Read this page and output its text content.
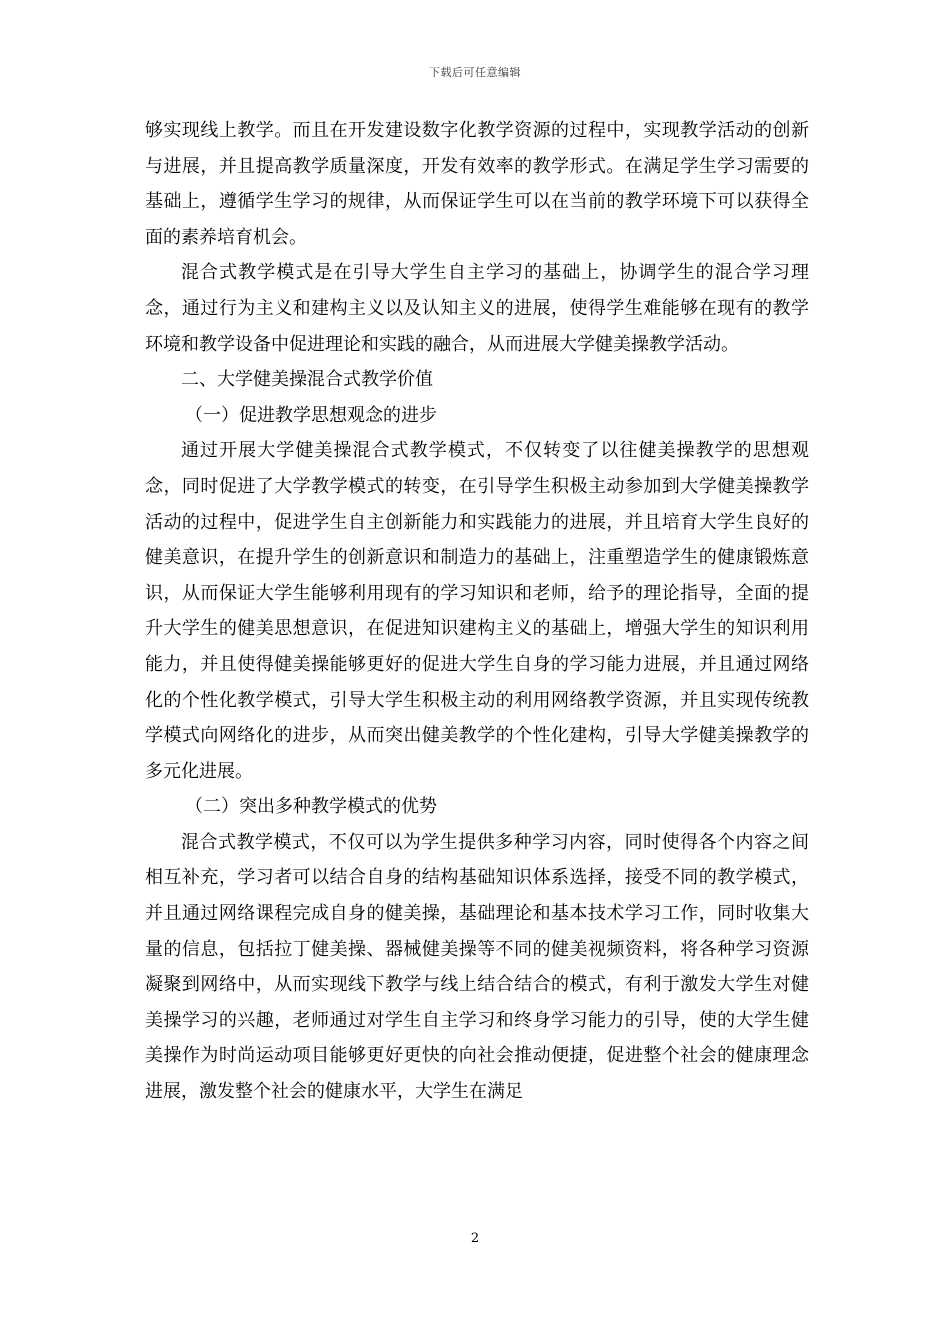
下载后可任意编辑

够实现线上教学。而且在开发建设数字化教学资源的过程中，实现教学活动的创新与进展，并且提高教学质量深度，开发有效率的教学形式。在满足学生学习需要的基础上，遵循学生学习的规律，从而保证学生可以在当前的教学环境下可以获得全面的素养培育机会。

混合式教学模式是在引导大学生自主学习的基础上，协调学生的混合学习理念，通过行为主义和建构主义以及认知主义的进展，使得学生难能够在现有的教学环境和教学设备中促进理论和实践的融合，从而进展大学健美操教学活动。

二、大学健美操混合式教学价值

（一）促进教学思想观念的进步

通过开展大学健美操混合式教学模式，不仅转变了以往健美操教学的思想观念，同时促进了大学教学模式的转变，在引导学生积极主动参加到大学健美操教学活动的过程中，促进学生自主创新能力和实践能力的进展，并且培育大学生良好的健美意识，在提升学生的创新意识和制造力的基础上，注重塑造学生的健康锻炼意识，从而保证大学生能够利用现有的学习知识和老师，给予的理论指导，全面的提升大学生的健美思想意识，在促进知识建构主义的基础上，增强大学生的知识利用能力，并且使得健美操能够更好的促进大学生自身的学习能力进展，并且通过网络化的个性化教学模式，引导大学生积极主动的利用网络教学资源，并且实现传统教学模式向网络化的进步，从而突出健美教学的个性化建构，引导大学健美操教学的多元化进展。

（二）突出多种教学模式的优势

混合式教学模式，不仅可以为学生提供多种学习内容，同时使得各个内容之间相互补充，学习者可以结合自身的结构基础知识体系选择，接受不同的教学模式，并且通过网络课程完成自身的健美操，基础理论和基本技术学习工作，同时收集大量的信息，包括拉丁健美操、器械健美操等不同的健美视频资料，将各种学习资源凝聚到网络中，从而实现线下教学与线上结合结合的模式，有利于激发大学生对健美操学习的兴趣，老师通过对学生自主学习和终身学习能力的引导，使的大学生健美操作为时尚运动项目能够更好更快的向社会推动便捷，促进整个社会的健康理念进展，激发整个社会的健康水平，大学生在满足

2
